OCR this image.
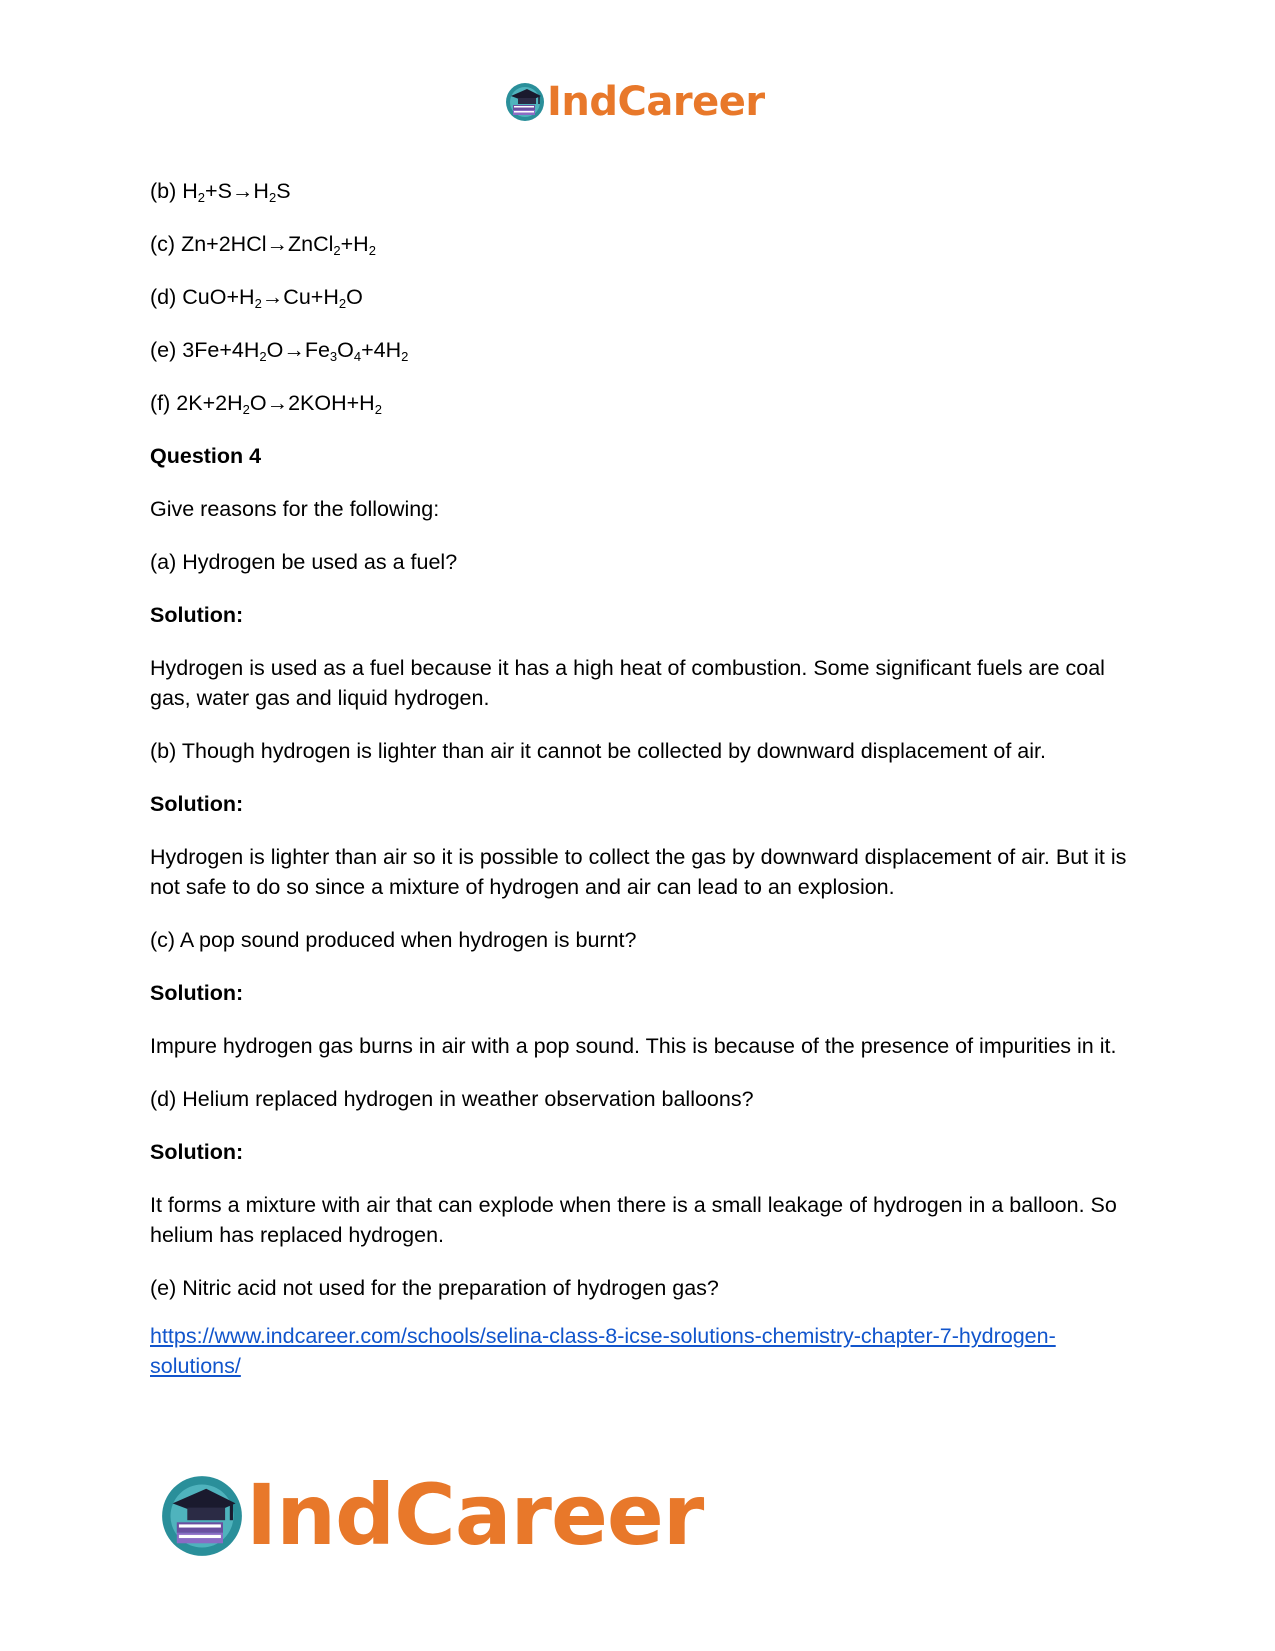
IndCareer

(b) $H_2+S\to H_2S$

(c) $Zn+2HCl\to ZnCl_2+H_2$

(d) $CuO+H_2\to Cu+H_2O$

(e) $3Fe+4H_2O\to Fe_3O_4+4H_2$

(f) $2K+2H_2O\to 2KOH+H_2$

Question 4

Give reasons for the following:

(a) Hydrogen be used as a fuel?

Solution:

Hydrogen is used as a fuel because it has a high heat of combustion. Some significant fuels are coal gas, water gas and liquid hydrogen.

(b) Though hydrogen is lighter than air it cannot be collected by downward displacement of air.

Solution:

Hydrogen is lighter than air so it is possible to collect the gas by downward displacement of air. But it is not safe to do so since a mixture of hydrogen and air can lead to an explosion.

(c) A pop sound produced when hydrogen is burnt?

Solution:

Impure hydrogen gas burns in air with a pop sound. This is because of the presence of impurities in it.

(d) Helium replaced hydrogen in weather observation balloons?

Solution:

It forms a mixture with air that can explode when there is a small leakage of hydrogen in a balloon. So helium has replaced hydrogen.

(e) Nitric acid not used for the preparation of hydrogen gas?

https://www.indcareer.com/schools/selina-class-8-icse-solutions-chemistry-chapter-7-hydrogen-
solutions/

IndCareer
